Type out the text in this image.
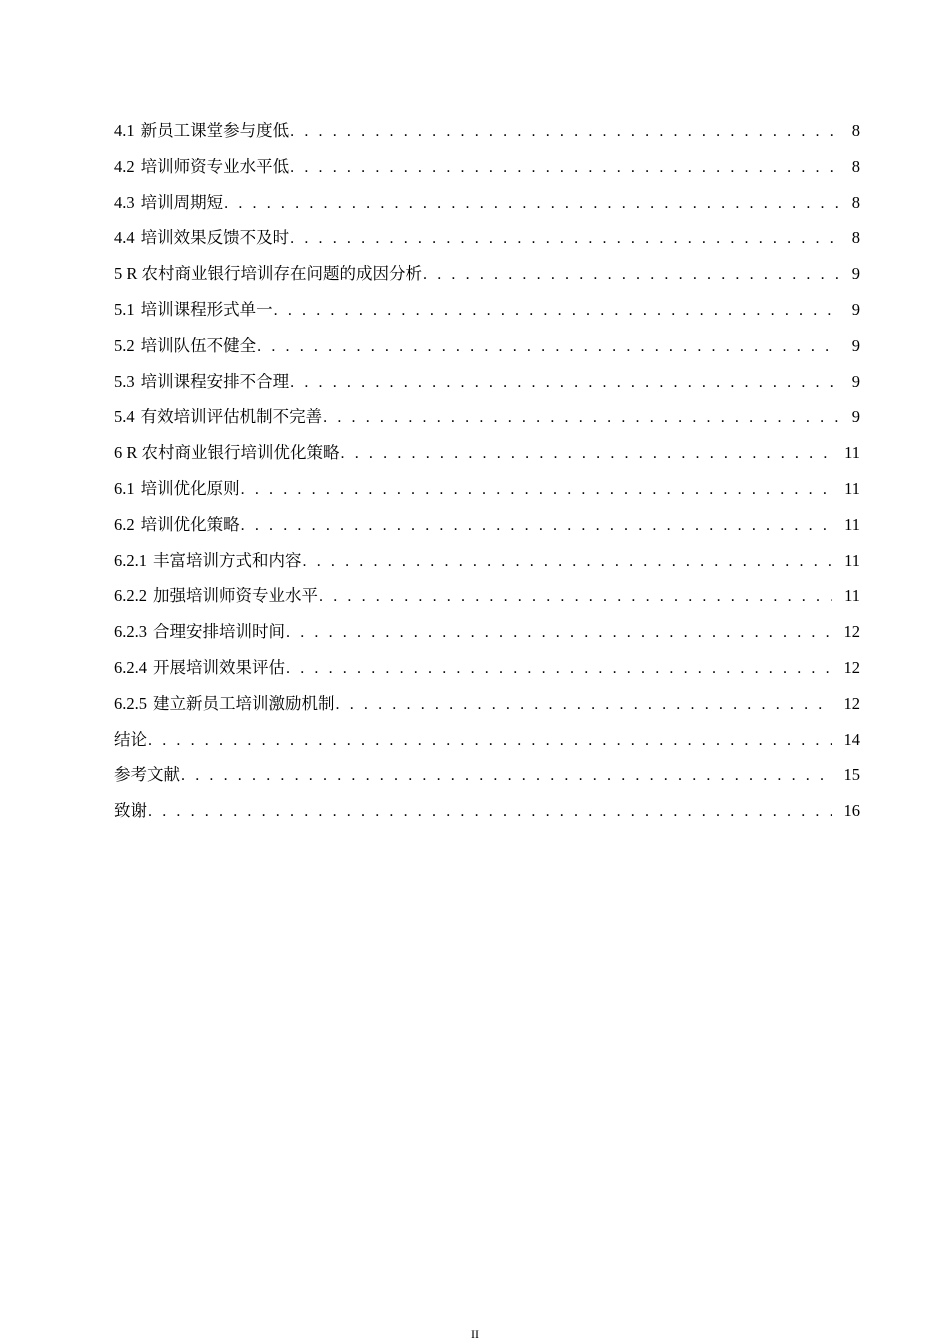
4.1 新员工课堂参与度低 . . .	8
4.2 培训师资专业水平低 . . .	8
4.3 培训周期短 . . .	8
4.4 培训效果反馈不及时 . . .	8
5 R 农村商业银行培训存在问题的成因分析 . . .	9
5.1 培训课程形式单一 . . .	9
5.2 培训队伍不健全 . . .	9
5.3 培训课程安排不合理 . . .	9
5.4 有效培训评估机制不完善 . . .	9
6 R 农村商业银行培训优化策略 . . .	11
6.1 培训优化原则 . . .	11
6.2 培训优化策略 . . .	11
6.2.1 丰富培训方式和内容 . . .	11
6.2.2 加强培训师资专业水平 . . .	11
6.2.3 合理安排培训时间 . . .	12
6.2.4 开展培训效果评估 . . .	12
6.2.5 建立新员工培训激励机制 . . .	12
结论 . . .	14
参考文献 . . .	15
致谢 . . .	16
II
